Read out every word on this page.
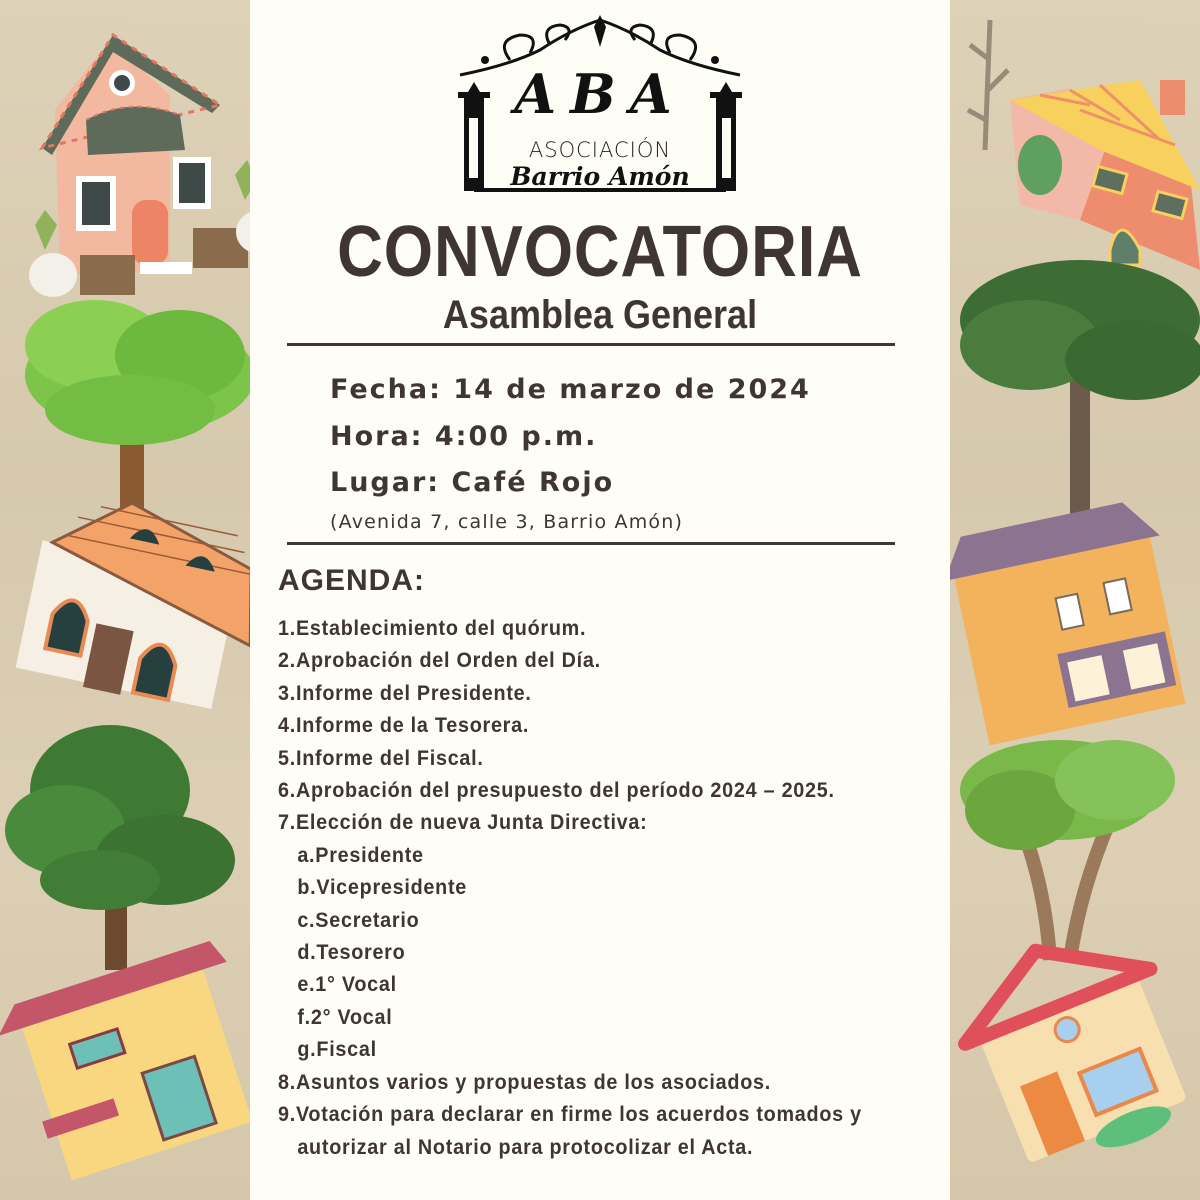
ABA
ASOCIACIÓN
Barrio Amón
CONVOCATORIA
Asamblea General
Fecha: 14 de marzo de 2024
Hora: 4:00 p.m.
Lugar: Café Rojo
(Avenida 7, calle 3, Barrio Amón)
AGENDA:
1.Establecimiento del quórum.
2.Aprobación del Orden del Día.
3.Informe del Presidente.
4.Informe de la Tesorera.
5.Informe del Fiscal.
6.Aprobación del presupuesto del período 2024 – 2025.
7.Elección de nueva Junta Directiva:
a.Presidente
b.Vicepresidente
c.Secretario
d.Tesorero
e.1° Vocal
f.2° Vocal
g.Fiscal
8.Asuntos varios y propuestas de los asociados.
9.Votación para declarar en firme los acuerdos tomados y
autorizar al Notario para protocolizar el Acta.
